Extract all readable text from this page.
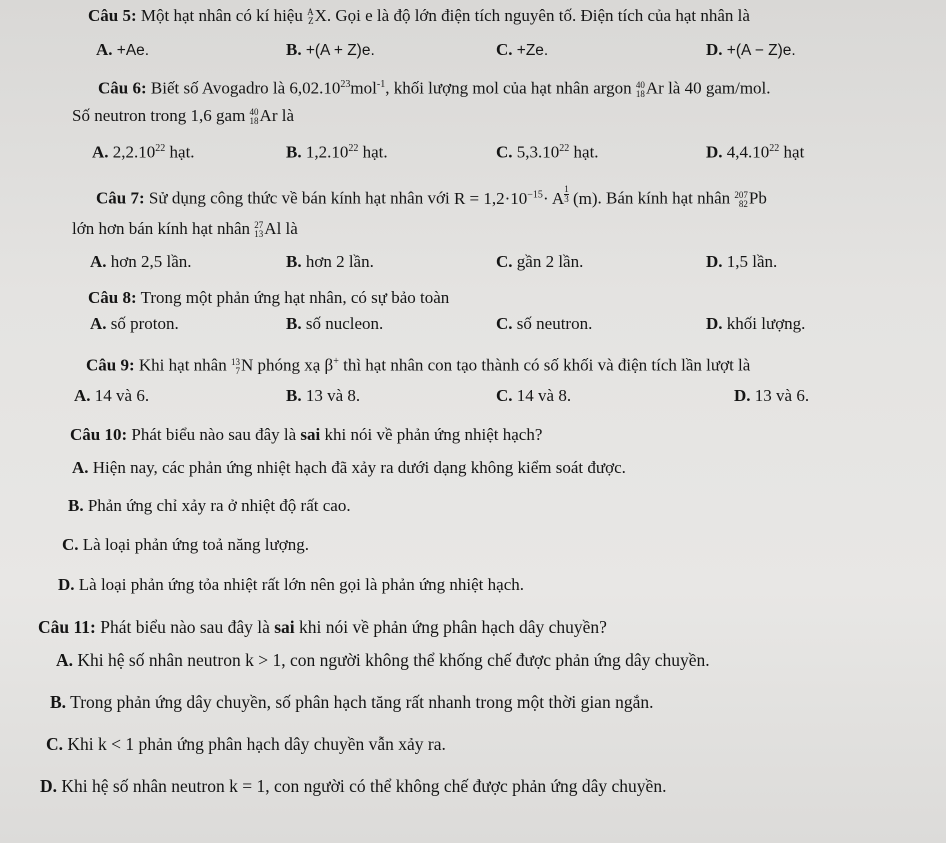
Câu 5: Một hạt nhân có kí hiệu A
Z X. Gọi e là độ lớn điện tích nguyên tố. Điện tích của hạt nhân là
A. +Ae.	B. +(A + Z)e.	C. +Ze.	D. +(A − Z)e.
Câu 6: Biết số Avogadro là 6,02.10$^{23}$mol$^{-1}$, khối lượng mol của hạt nhân argon 40
18 Ar là 40 gam/mol.
Số neutron trong 1,6 gam 40
18 Ar là
A. 2,2.10$^{22}$ hạt.	B. 1,2.10$^{22}$ hạt.	C. 5,3.10$^{22}$ hạt.	D. 4,4.10$^{22}$ hạt
Câu 7: Sử dụng công thức về bán kính hạt nhân với $R = 1,2\cdot 10^{-15}\cdot A \frac{1}{3} (m)$. Bán kính hạt nhân 207
82 Pb
lớn hơn bán kính hạt nhân 27
13 Al là
A. hơn 2,5 lần.	B. hơn 2 lần.	C. gần 2 lần.	D. 1,5 lần.
Câu 8: Trong một phản ứng hạt nhân, có sự bảo toàn
A. số proton.	B. số nucleon.	C. số neutron.	D. khối lượng.
Câu 9: Khi hạt nhân 13
7 N phóng xạ β+ thì hạt nhân con tạo thành có số khối và điện tích lần lượt là
A. 14 và 6.	B. 13 và 8.	C. 14 và 8.	D. 13 và 6.
Câu 10: Phát biểu nào sau đây là sai khi nói về phản ứng nhiệt hạch?
A. Hiện nay, các phản ứng nhiệt hạch đã xảy ra dưới dạng không kiểm soát được.
B. Phản ứng chỉ xảy ra ở nhiệt độ rất cao.
C. Là loại phản ứng toả năng lượng.
D. Là loại phản ứng tỏa nhiệt rất lớn nên gọi là phản ứng nhiệt hạch.
Câu 11: Phát biểu nào sau đây là sai khi nói về phản ứng phân hạch dây chuyền?
A. Khi hệ số nhân neutron k > 1, con người không thể khống chế được phản ứng dây chuyền.
B. Trong phản ứng dây chuyền, số phân hạch tăng rất nhanh trong một thời gian ngắn.
C. Khi k < 1 phản ứng phân hạch dây chuyền vẫn xảy ra.
D. Khi hệ số nhân neutron k = 1, con người có thể không chế được phản ứng dây chuyền.
